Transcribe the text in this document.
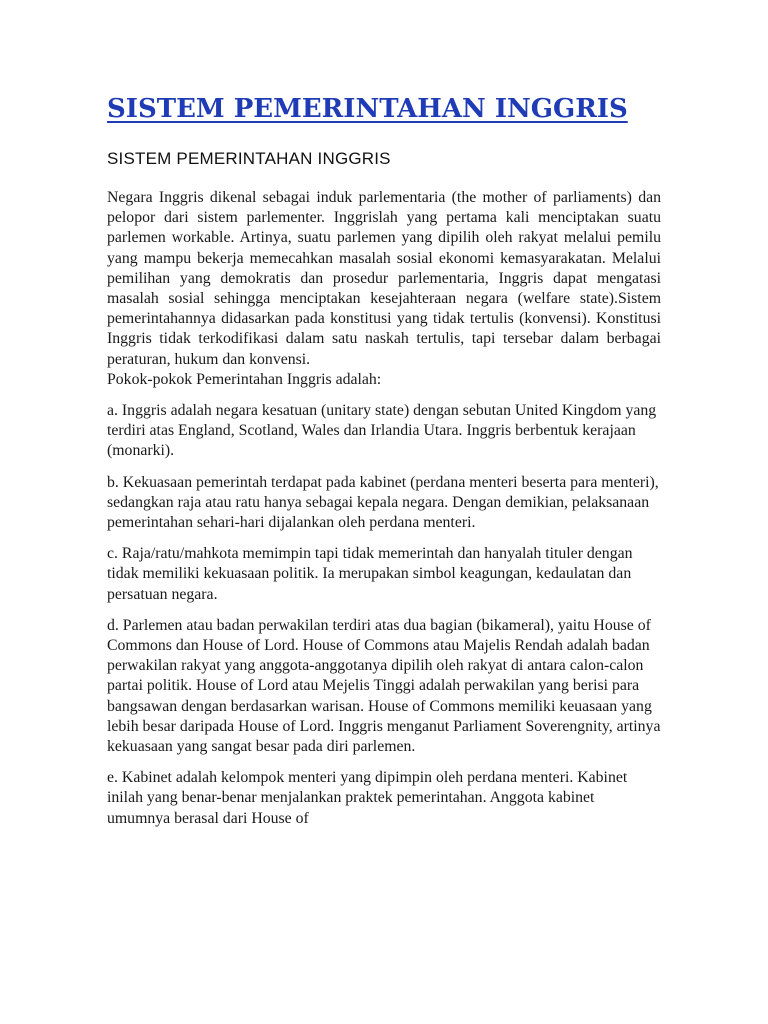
SISTEM PEMERINTAHAN INGGRIS
SISTEM PEMERINTAHAN INGGRIS

Negara Inggris dikenal sebagai induk parlementaria (the mother of parliaments) dan pelopor dari sistem parlementer. Inggrislah yang pertama kali menciptakan suatu parlemen workable. Artinya, suatu parlemen yang dipilih oleh rakyat melalui pemilu yang mampu bekerja memecahkan masalah sosial ekonomi kemasyarakatan. Melalui pemilihan yang demokratis dan prosedur parlementaria, Inggris dapat mengatasi masalah sosial sehingga menciptakan kesejahteraan negara (welfare state).Sistem pemerintahannya didasarkan pada konstitusi yang tidak tertulis (konvensi). Konstitusi Inggris tidak terkodifikasi dalam satu naskah tertulis, tapi tersebar dalam berbagai peraturan, hukum dan konvensi.

Pokok-pokok Pemerintahan Inggris adalah:

a. Inggris adalah negara kesatuan (unitary state) dengan sebutan United Kingdom yang terdiri atas England, Scotland, Wales dan Irlandia Utara. Inggris berbentuk kerajaan (monarki).

b. Kekuasaan pemerintah terdapat pada kabinet (perdana menteri beserta para menteri), sedangkan raja atau ratu hanya sebagai kepala negara. Dengan demikian, pelaksanaan pemerintahan sehari-hari dijalankan oleh perdana menteri.

c. Raja/ratu/mahkota memimpin tapi tidak memerintah dan hanyalah tituler dengan tidak memiliki kekuasaan politik. Ia merupakan simbol keagungan, kedaulatan dan persatuan negara.

d. Parlemen atau badan perwakilan terdiri atas dua bagian (bikameral), yaitu House of Commons dan House of Lord. House of Commons atau Majelis Rendah adalah badan perwakilan rakyat yang anggota-anggotanya dipilih oleh rakyat di antara calon-calon partai politik. House of Lord atau Mejelis Tinggi adalah perwakilan yang berisi para bangsawan dengan berdasarkan warisan. House of Commons memiliki keuasaan yang lebih besar daripada House of Lord. Inggris menganut Parliament Soverengnity, artinya kekuasaan yang sangat besar pada diri parlemen.

e. Kabinet adalah kelompok menteri yang dipimpin oleh perdana menteri. Kabinet inilah yang benar-benar menjalankan praktek pemerintahan. Anggota kabinet umumnya berasal dari House of
